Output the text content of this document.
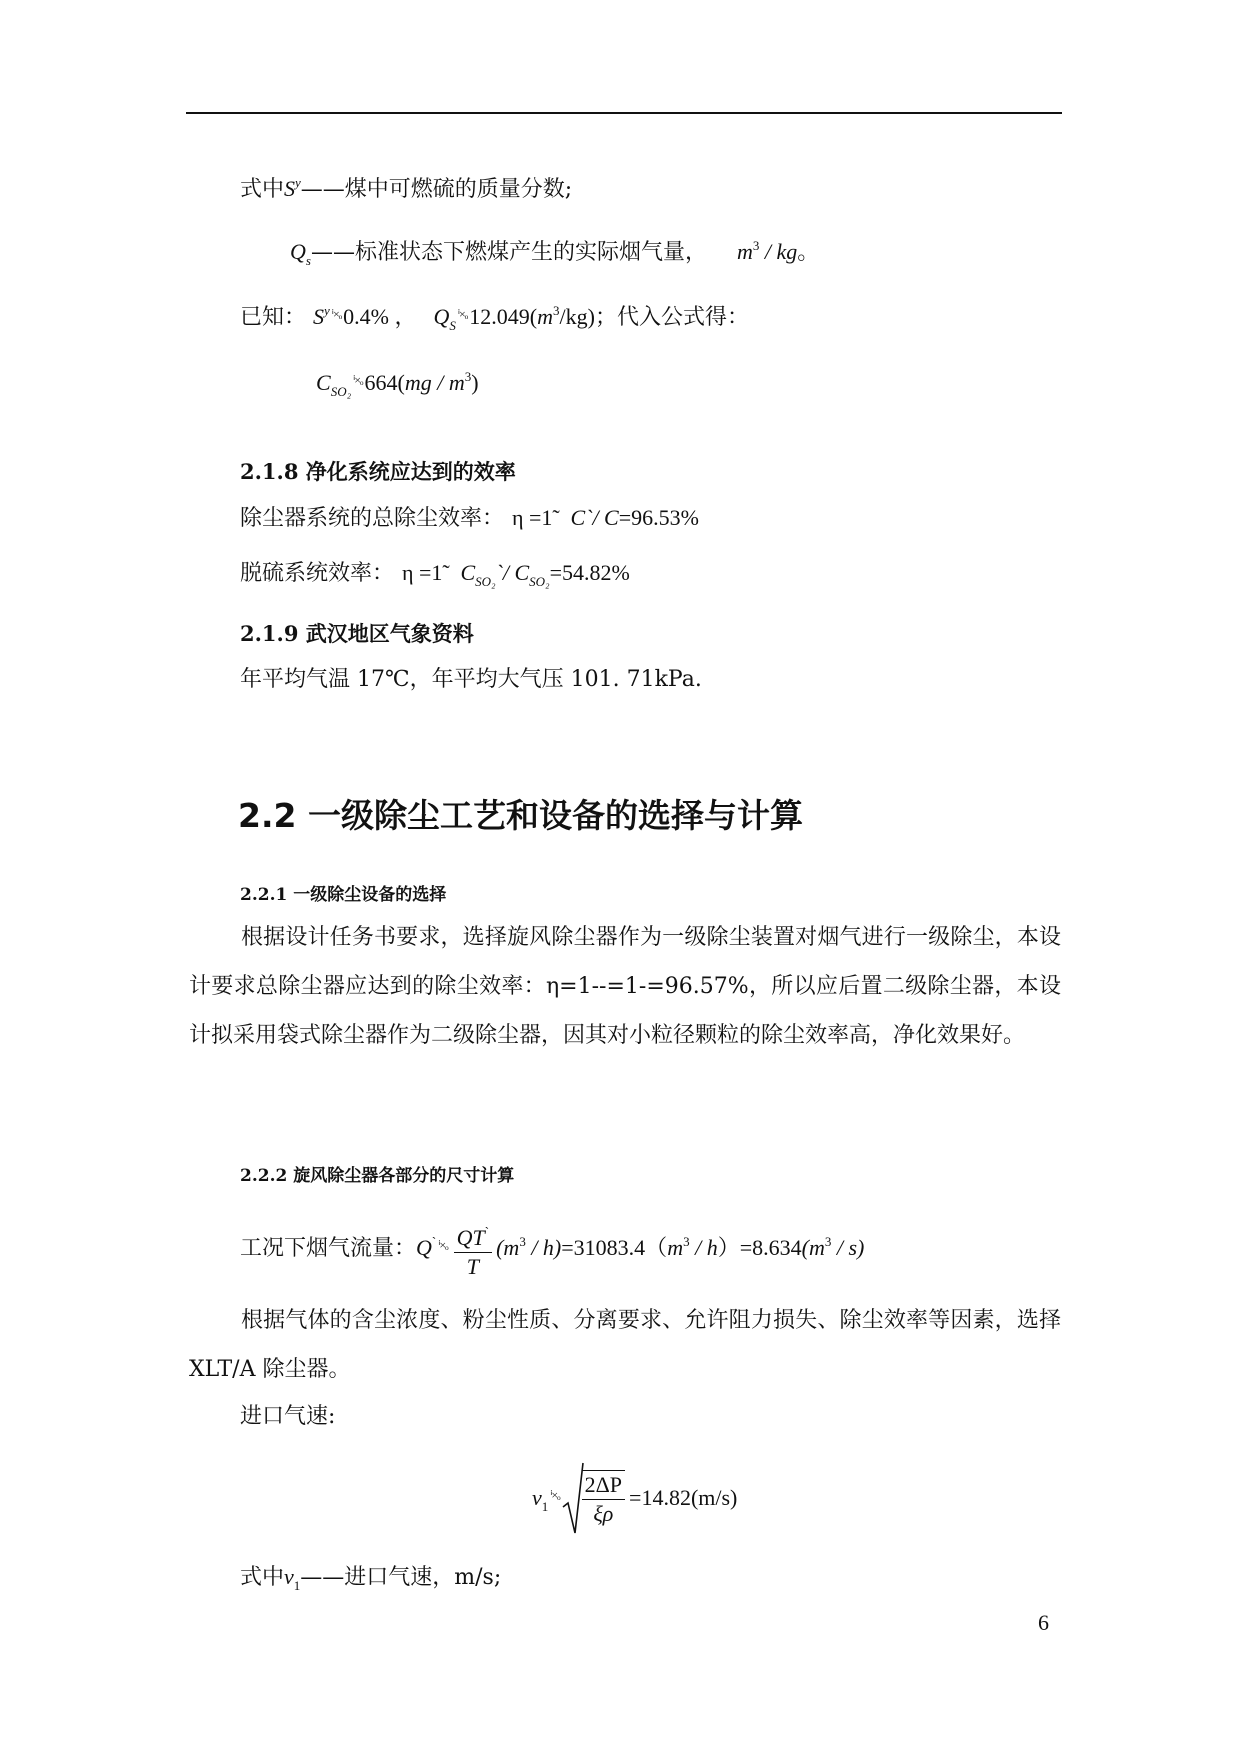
式中$S^y——$煤中可燃硫的质量分数;
$Q_s——$标准状态下燃煤产生的实际烟气量， $m^3$ / kg。
已知： $S^y$ $^{^i\times_o}$0.4% ， $Q_S^{^i\times_o}12.049(m^3/kg)$；代入公式得：
$C_{SO_2}^{^i\times_o}664(mg / m^3)$
2.1.8 净化系统应达到的效率
除尘器系统的总除尘效率： η =1̃ C`/ C=96.53%
脱硫系统效率： η =1̃ $C_{SO_2}`/$ $C_{SO_2}=54.82\%$
2.1.9 武汉地区气象资料
年平均气温 17℃，年平均大气压 101. 71kPa.
2.2 一级除尘工艺和设备的选择与计算
2.2.1 一级除尘设备的选择
根据设计任务书要求，选择旋风除尘器作为一级除尘装置对烟气进行一级除尘，本设计要求总除尘器应达到的除尘效率：η=1--=1-=96.57%，所以应后置二级除尘器，本设计拟采用袋式除尘器作为二级除尘器，因其对小粒径颗粒的除尘效率高，净化效果好。
2.2.2 旋风除尘器各部分的尺寸计算
工况下烟气流量：Q` $^{^i\times_o} \frac{QT^`}{T} (m^3 / h)=31083.4(m^3 / h)=8.634(m^3 / s)$
根据气体的含尘浓度、粉尘性质、分离要求、允许阻力损失、除尘效率等因素，选择 XLT/A 除尘器。
进口气速:
$v_1^{^i\times_o} \frac{2\Delta P}{\xi\rho} =14.82(m/s)$
式中$v_1——$进口气速，m/s;
6
